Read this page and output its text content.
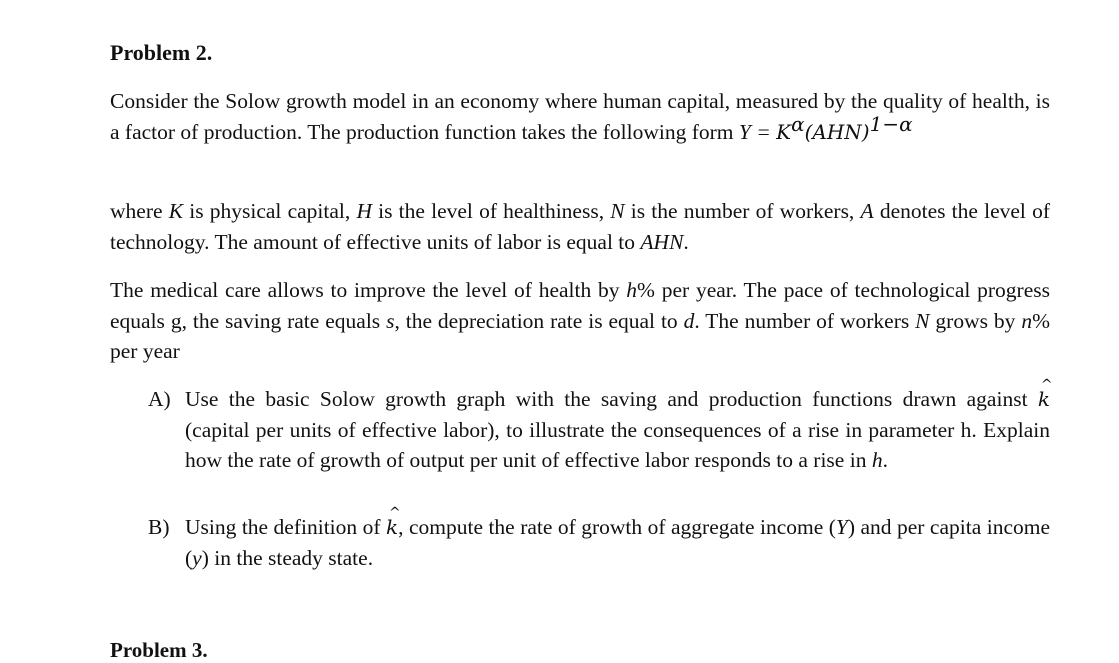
Problem 2.
Consider the Solow growth model in an economy where human capital, measured by the quality of health, is a factor of production. The production function takes the following form Y = K$^\alpha$(AHN)$^{1-\alpha}$
where K is physical capital, H is the level of healthiness, N is the number of workers, A denotes the level of technology. The amount of effective units of labor is equal to AHN.
The medical care allows to improve the level of health by h% per year. The pace of technological progress equals g, the saving rate equals s, the depreciation rate is equal to d. The number of workers N grows by n% per year
A) Use the basic Solow growth graph with the saving and production functions drawn against ^ k (capital per units of effective labor), to illustrate the consequences of a rise in parameter h. Explain how the rate of growth of output per unit of effective labor responds to a rise in h.
B) Using the definition of ^ k, compute the rate of growth of aggregate income (Y) and per capita income (y) in the steady state.
Problem 3.
